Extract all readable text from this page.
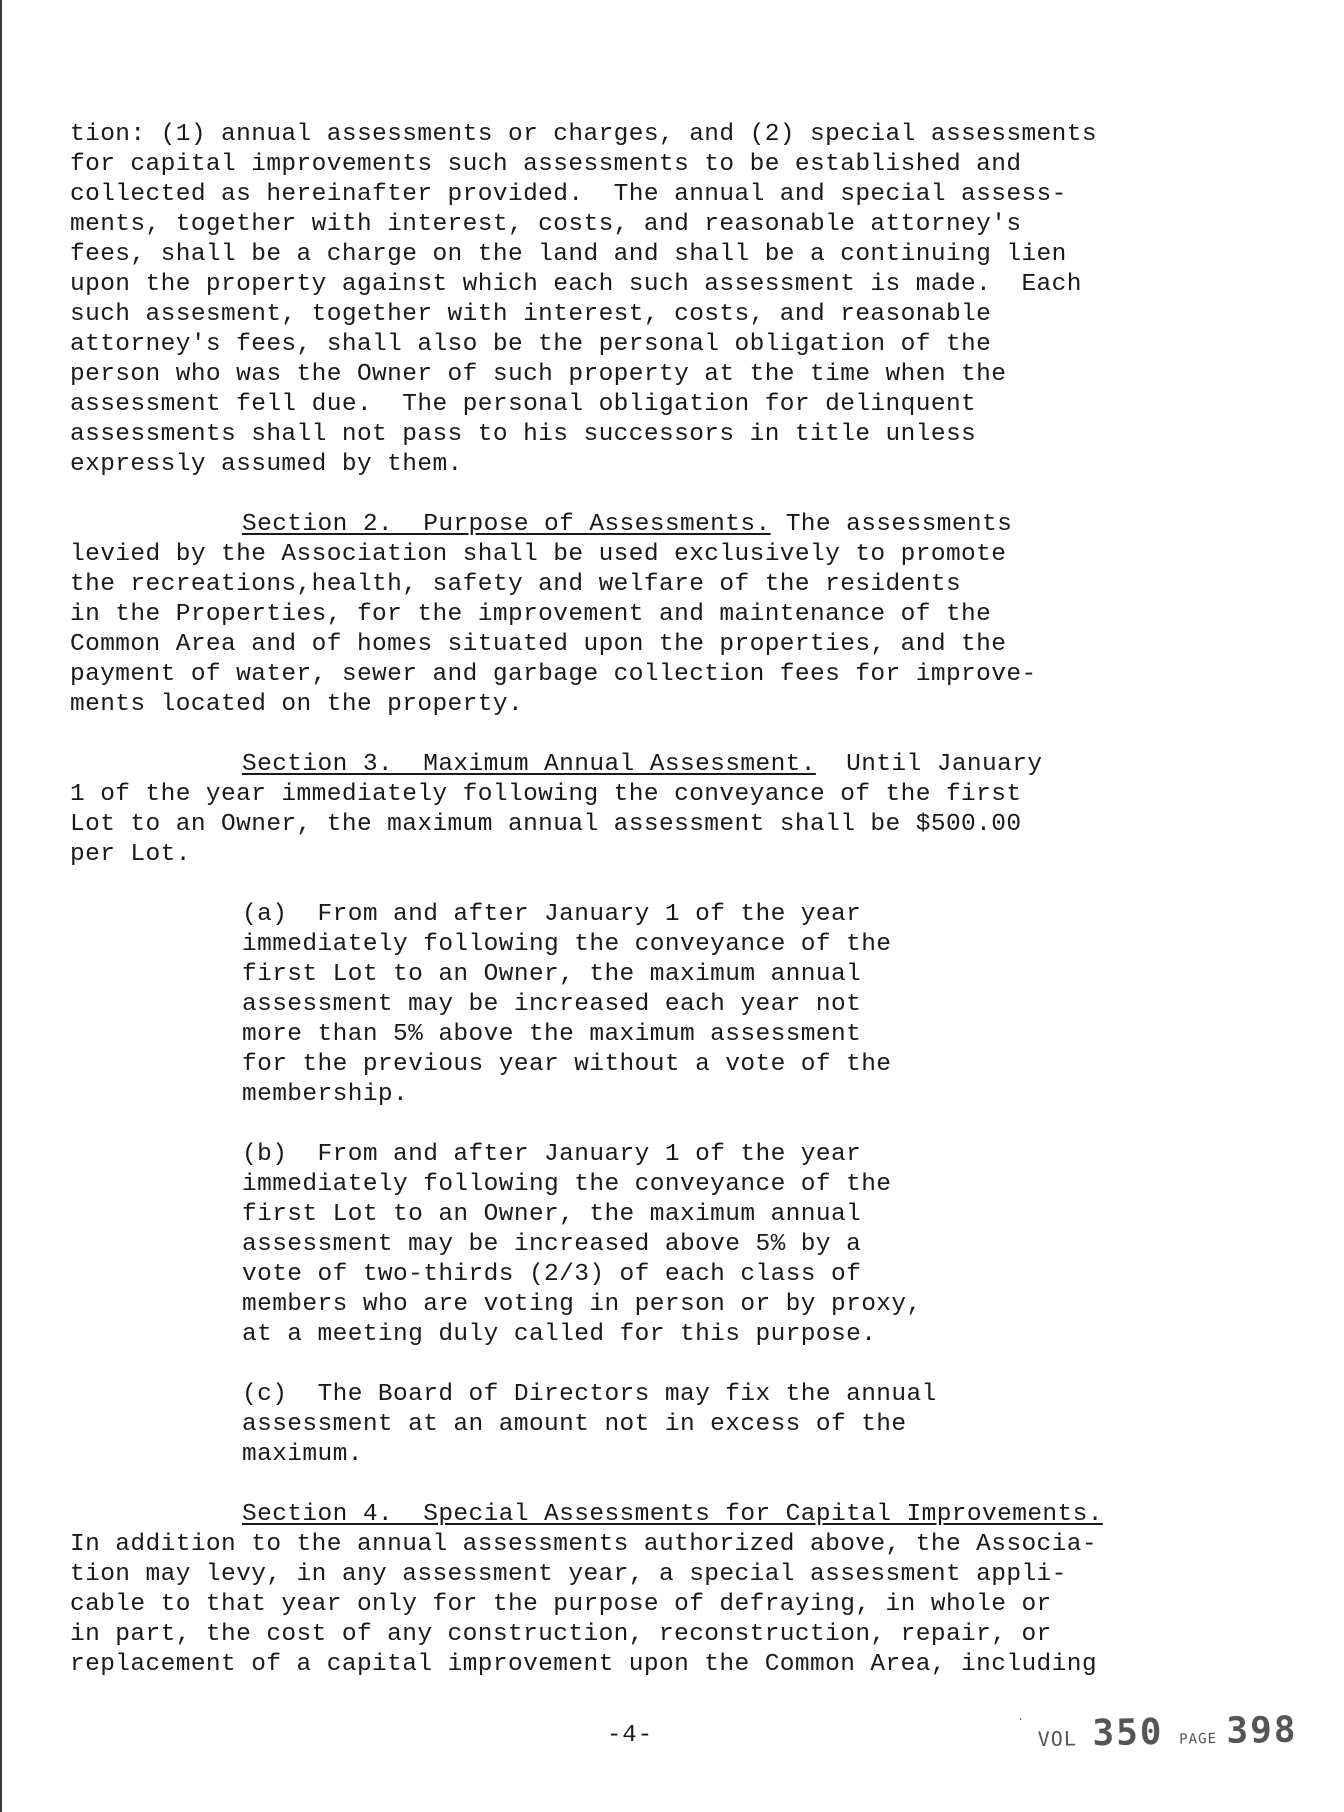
tion: (1) annual assessments or charges, and (2) special assessments
for capital improvements such assessments to be established and
collected as hereinafter provided.  The annual and special assess-
ments, together with interest, costs, and reasonable attorney's
fees, shall be a charge on the land and shall be a continuing lien
upon the property against which each such assessment is made.  Each
such assesment, together with interest, costs, and reasonable
attorney's fees, shall also be the personal obligation of the
person who was the Owner of such property at the time when the
assessment fell due.  The personal obligation for delinquent
assessments shall not pass to his successors in title unless
expressly assumed by them.
Section 2.  Purpose of Assessments. The assessments
levied by the Association shall be used exclusively to promote
the recreations,health, safety and welfare of the residents
in the Properties, for the improvement and maintenance of the
Common Area and of homes situated upon the properties, and the
payment of water, sewer and garbage collection fees for improve-
ments located on the property.
Section 3.  Maximum Annual Assessment.  Until January
1 of the year immediately following the conveyance of the first
Lot to an Owner, the maximum annual assessment shall be $500.00
per Lot.
(a)  From and after January 1 of the year
immediately following the conveyance of the
first Lot to an Owner, the maximum annual
assessment may be increased each year not
more than 5% above the maximum assessment
for the previous year without a vote of the
membership.
(b)  From and after January 1 of the year
immediately following the conveyance of the
first Lot to an Owner, the maximum annual
assessment may be increased above 5% by a
vote of two-thirds (2/3) of each class of
members who are voting in person or by proxy,
at a meeting duly called for this purpose.
(c)  The Board of Directors may fix the annual
assessment at an amount not in excess of the
maximum.
Section 4.  Special Assessments for Capital Improvements.
In addition to the annual assessments authorized above, the Associa-
tion may levy, in any assessment year, a special assessment appli-
cable to that year only for the purpose of defraying, in whole or
in part, the cost of any construction, reconstruction, repair, or
replacement of a capital improvement upon the Common Area, including
-4-
· VOL 350 PAGE 398
